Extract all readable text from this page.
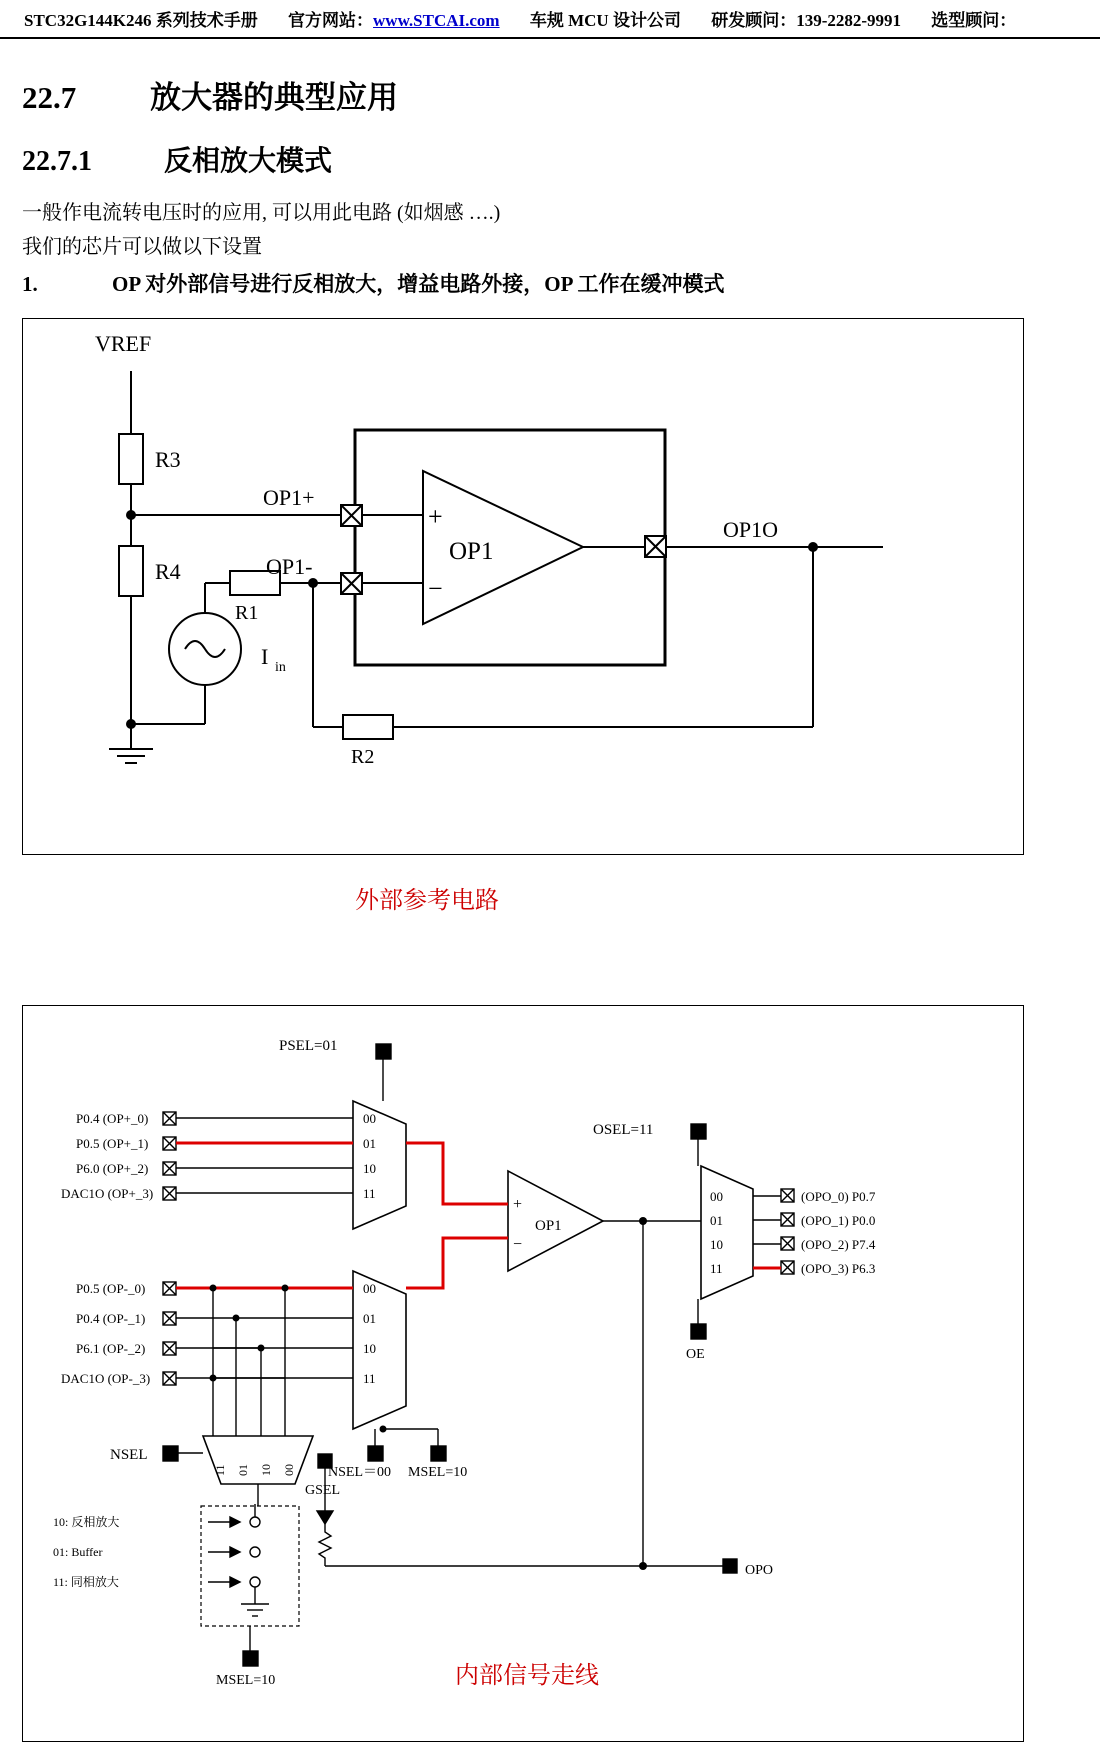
STC32G144K246 系列技术手册 官方网站：www.STCAI.com 车规 MCU 设计公司 研发顾问：139-2282-9991 选型顾问：
22.7 放大器的典型应用
22.7.1	反相放大模式

一般作电流转电压时的应用, 可以用此电路 (如烟感 ….)

我们的芯片可以做以下设置

1.	OP 对外部信号进行反相放大，增益电路外接，OP 工作在缓冲模式
VREF
R3
R4
R1
R2
I in
OP1+
OP1-
+
−
OP1
OP1O
外部参考电路
PSEL=01
OSEL=11
P0.4 (OP+_0)
P0.5 (OP+_1)
P6.0 (OP+_2)
DAC1O (OP+_3)
00
01
10
11
P0.5 (OP-_0)
P0.4 (OP-_1)
P6.1 (OP-_2)
DAC1O (OP-_3)
00
01
10
11
00
01
10
11
(OPO_0) P0.7
(OPO_1) P0.0
(OPO_2) P7.4
(OPO_3) P6.3
+
−
OP1
OE
OPO
GSEL
NSEL
NSEL＝00 MSEL=10
MSEL=10
10: 反相放大
01: Buffer
11: 同相放大
11 01 10 00
内部信号走线
